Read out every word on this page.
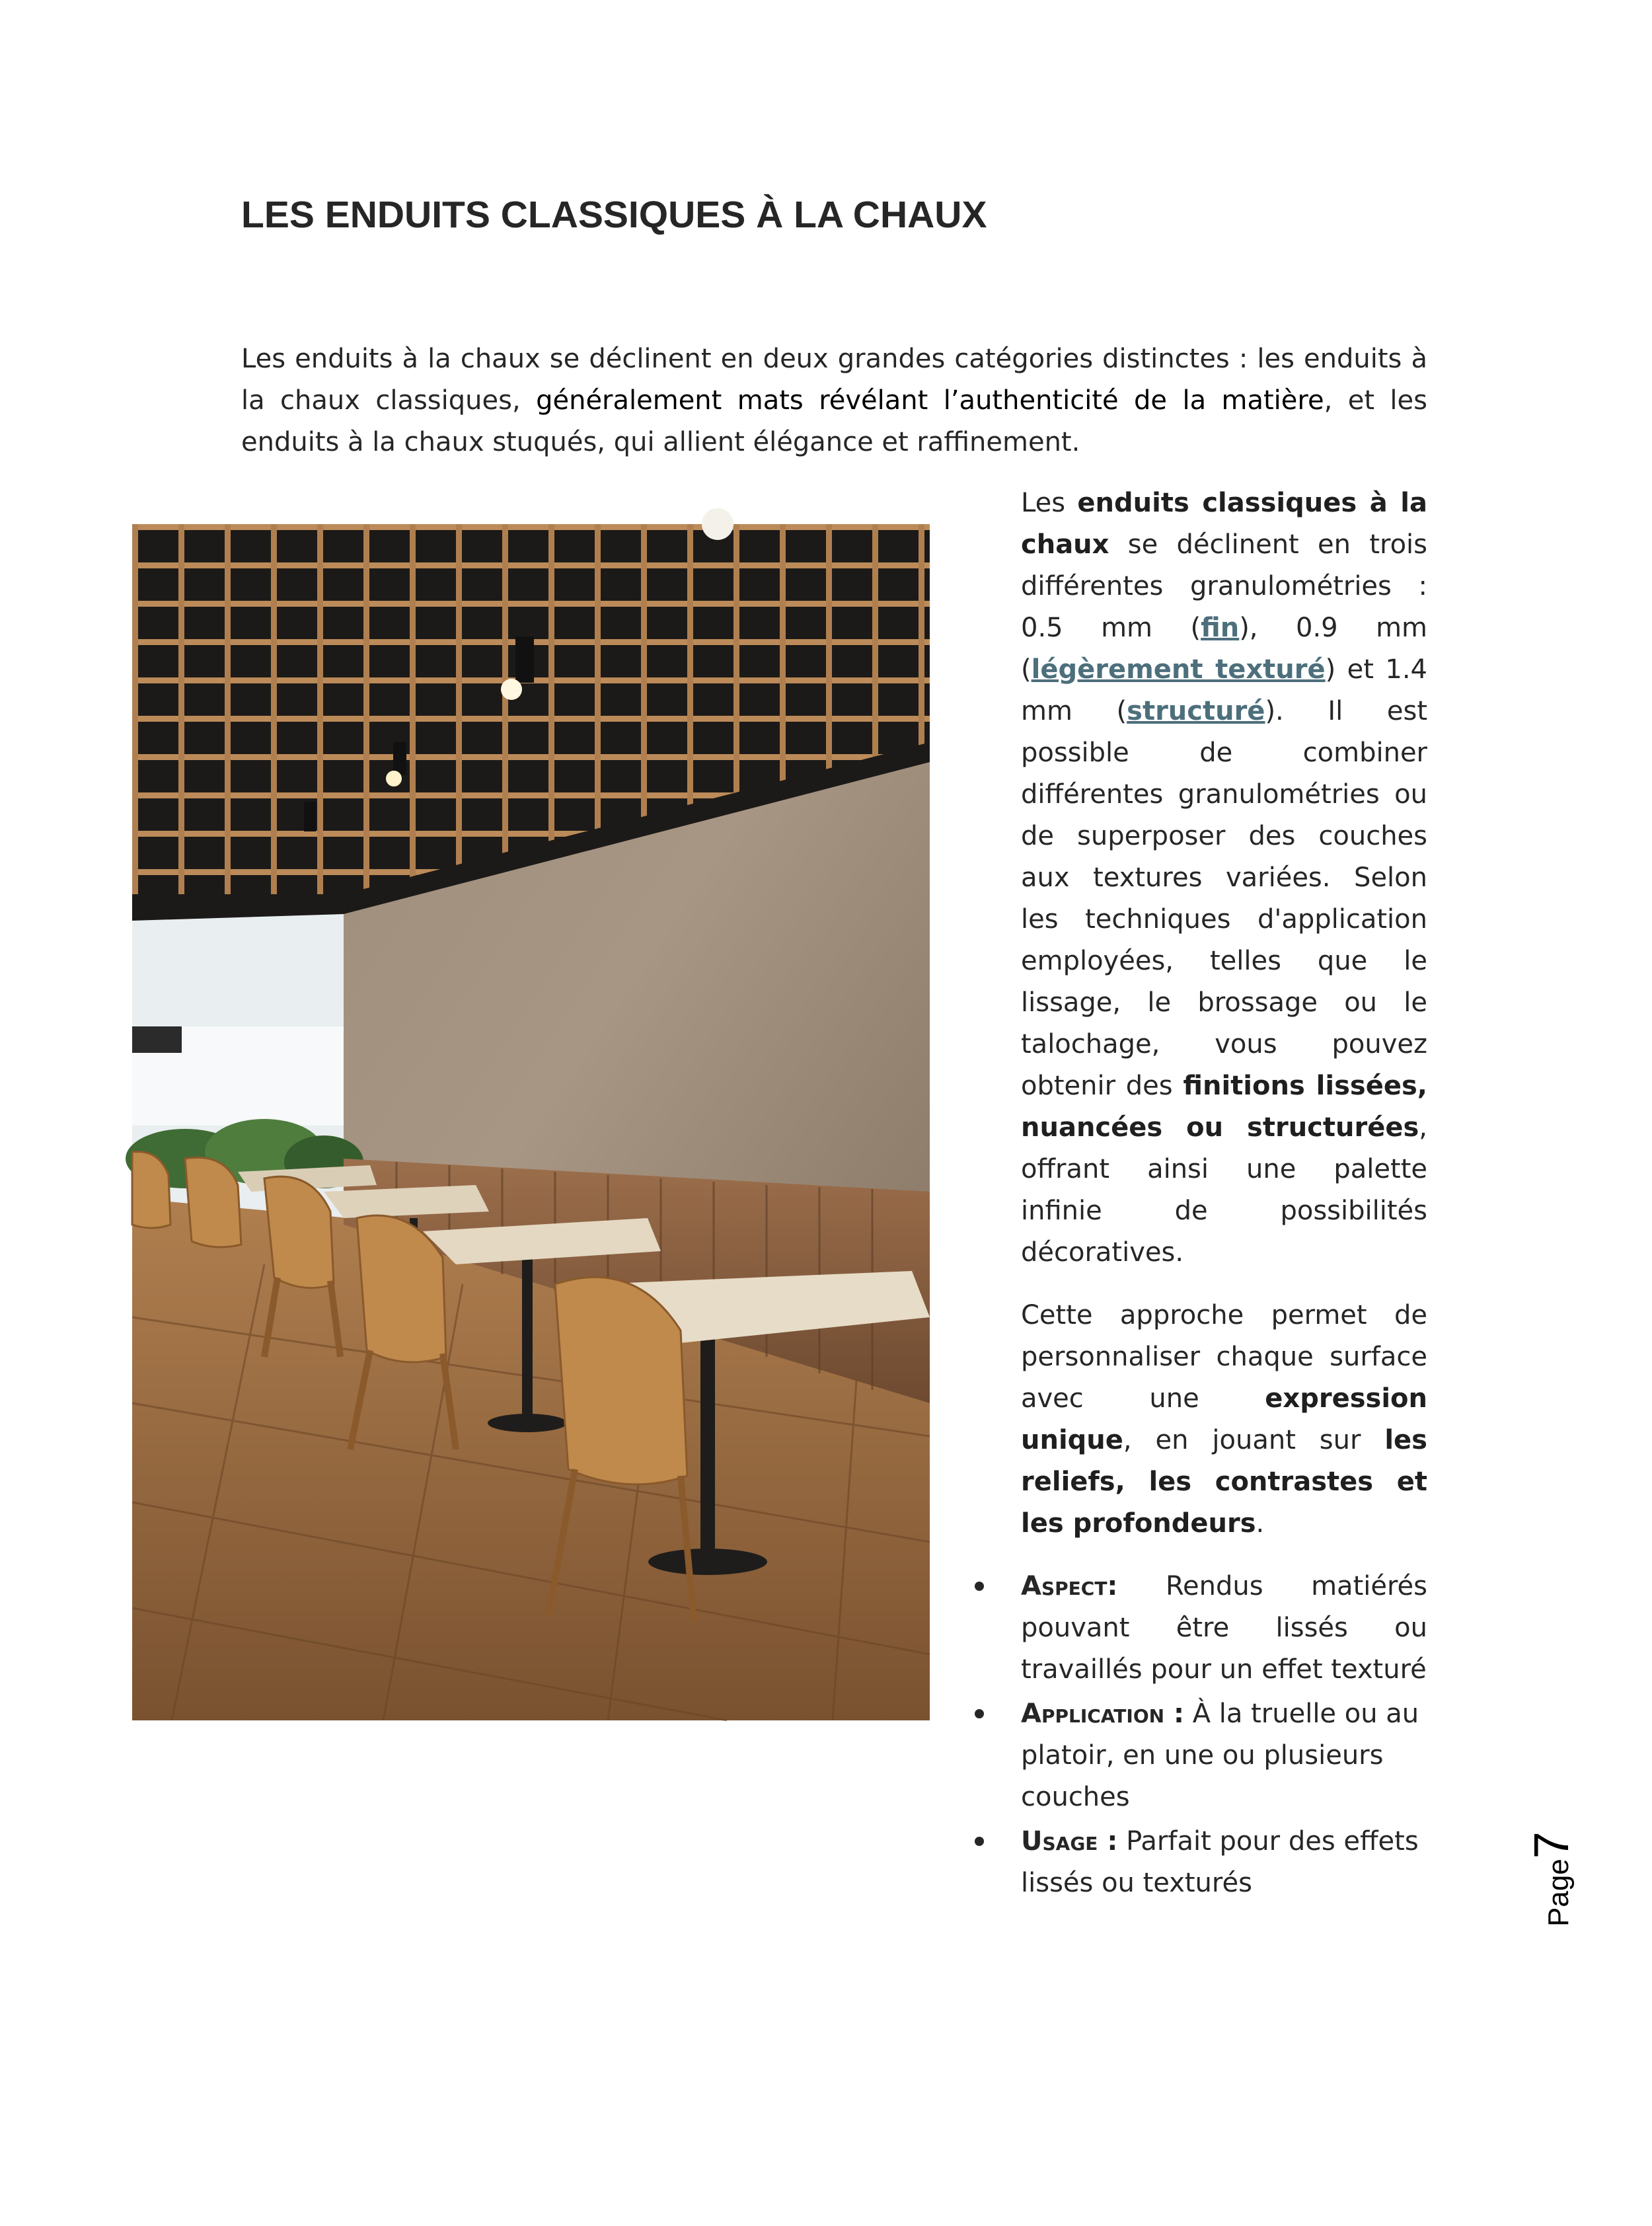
LES ENDUITS CLASSIQUES À LA CHAUX

Les enduits à la chaux se déclinent en deux grandes catégories distinctes : les enduits à la chaux classiques, généralement mats révélant l’authenticité de la matière, et les enduits à la chaux stuqués, qui allient élégance et raffinement.

© MRDK

Les enduits classiques à la chaux se déclinent en trois différentes granulométries : 0.5 mm (fin), 0.9 mm (légèrement texturé) et 1.4 mm (structuré). Il est possible de combiner différentes granulométries ou de superposer des couches aux textures variées. Selon les techniques d'application employées, telles que le lissage, le brossage ou le talochage, vous pouvez obtenir des finitions lissées, nuancées ou structurées, offrant ainsi une palette infinie de possibilités décoratives.

Cette approche permet de personnaliser chaque surface avec une expression unique, en jouant sur les reliefs, les contrastes et les profondeurs.

Aspect: Rendus matiérés pouvant être lissés ou travaillés pour un effet texturé
Application : À la truelle ou au platoir, en une ou plusieurs couches
Usage : Parfait pour des effets lissés ou texturés	Page7
